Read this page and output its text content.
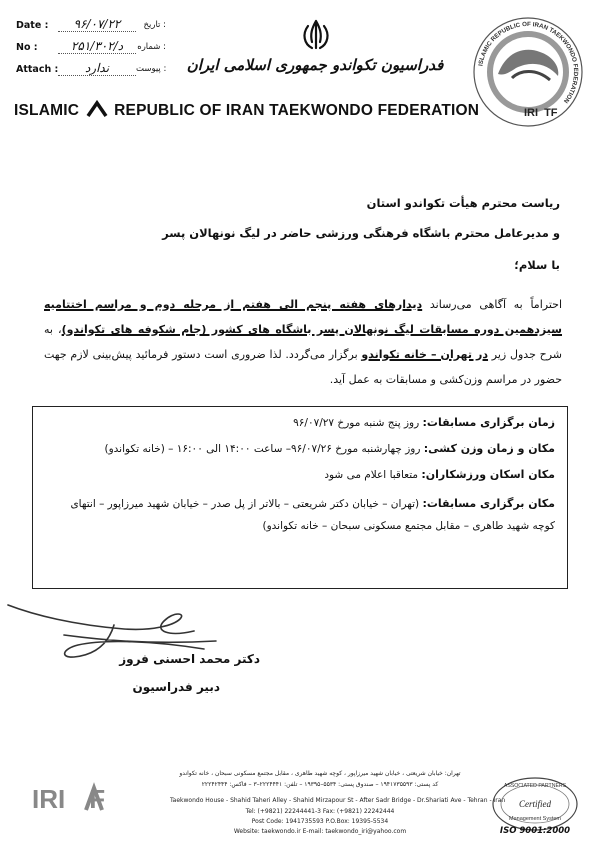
Date :	۹۶/۰۷/۲۲	تاریخ :
No :	۲۵۱/د/۳۰۲	شماره :
Attach :	ندارد	پیوست :	فدراسیون تکواندو جمهوری اسلامی ایران	ISLAMIC REPUBLIC OF IRAN TAEKWONDO FEDERATION
IRI TF
ISLAMIC REPUBLIC OF IRAN TAEKWONDO FEDERATION
ریاست محترم هیأت تکواندو استان
و مدیرعامل محترم باشگاه فرهنگی ورزشی حاضر در لیگ نونهالان پسر
با سلام؛
احتراماً به آگاهی می‌رساند دیدارهای هفته پنجم الی هفتم از مرحله دوم و مراسم اختتامیه سیزدهمین دوره مسابقات لیگ نونهالان پسر باشگاه های کشور (جام شکوفه های تکواندو)، به شرح جدول زیر در تهران – خانه تکواندو برگزار می‌گردد. لذا ضروری است دستور فرمائید پیش‌بینی لازم جهت حضور در مراسم وزن‌کشی و مسابقات به عمل آید.
زمان برگزاری مسابقات: روز پنج شنبه مورخ ۹۶/۰۷/۲۷
مکان و زمان وزن کشی: روز چهارشنبه مورخ ۹۶/۰۷/۲۶– ساعت ۱۴:۰۰ الی ۱۶:۰۰ – (خانه تکواندو)
مکان اسکان ورزشکاران: متعاقبا اعلام می شود
مکان برگزاری مسابقات: (تهران – خیابان دکتر شریعتی – بالاتر از پل صدر – خیابان شهید میرزاپور – انتهای کوچه شهید طاهری – مقابل مجتمع مسکونی سبحان – خانه تکواندو)
دکتر محمد احسنی فروز
دبیر فدراسیون
IRI F
تهران: خیابان شریعتی ، خیابان شهید میرزاپور ، کوچه شهید طاهری ، مقابل مجتمع مسکونی سبحان ، خانه تکواندو
کد پستی: ۱۹۴۱۷۳۵۵۹۳ – صندوق پستی: ۵۵۳۴–۱۹۳۹۵ – تلفن: ۲۲۲۴۴۴۱–۳ – فاکس: ۲۲۲۴۲۴۴۴
Taekwondo House - Shahid Taheri Alley - Shahid Mirzapour St - After Sadr Bridge - Dr.Shariati Ave - Tehran - Iran
Tel: (+9821) 22244441-3 Fax: (+9821) 22242444
Post Code: 1941735593 P.O.Box: 19395-5534
Website: taekwondo.ir E-mail: taekwondo_iri@yahoo.com
ASSOCIATED PARTNERS
Certified
Management System
ISO 9001:2000
